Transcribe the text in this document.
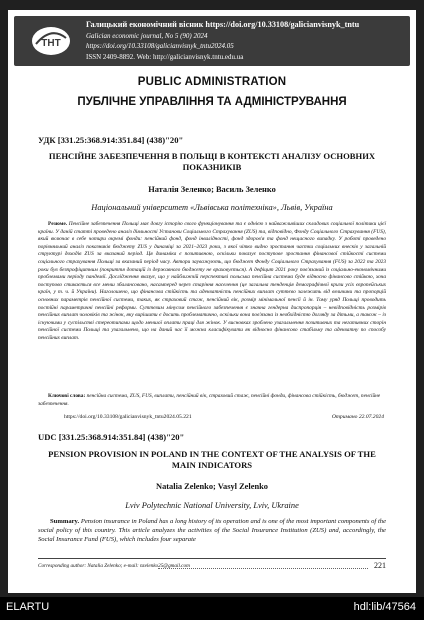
ТНТ
Галицький економічний вісник https://doi.org/10.33108/galicianvisnyk_tntu
Galician economic journal, No 5 (90) 2024
https://doi.org/10.33108/galicianvisnyk_tntu2024.05
ISSN 2409-8892. Web: http://galicianvisnyk.tntu.edu.ua
PUBLIC ADMINISTRATION
ПУБЛІЧНЕ УПРАВЛІННЯ ТА АДМІНІСТРУВАННЯ
УДК [331.25:368.914:351.84] (438)"20"
ПЕНСІЙНЕ ЗАБЕЗПЕЧЕННЯ В ПОЛЬЩІ В КОНТЕКСТІ АНАЛІЗУ ОСНОВНИХ ПОКАЗНИКІВ
Наталія Зеленко; Василь Зеленко
Національний університет «Львівська політехніка», Львів, Україна
Резюме. Пенсійне забезпечення Польщі має довгу історію свого функціонування та є однією з найважливіших складових соціальної політики цієї країни. У даній статті проведено аналіз діяльності Установи Соціального Страхування (ZUS) та, відповідно, Фонду Соціального Страхування (FUS), який включає в себе чотири окремі фонди: пенсійний фонд, фонд інвалідності, фонд здоров'я та фонд нещасного випадку. У роботі проведено порівняльний аналіз показників бюджету ZUS у динаміці за 2021–2023 роки, з якої чітко видно зростання частки соціальних внесків у загальній структурі доходів ZUS за вказаний період. Ця динаміка є позитивною, оскільки показує поступове зростання фінансової стійкості системи соціального страхування Польщі за вказаний період часу. Автори зауважують, що бюджет Фонду Соціального Страхування (FUS) за 2022 та 2023 роки був безпрофіцитним (покриття дотацій із державного бюджету не враховується). А дефіцит 2021 року пов'язаний із соціально-економічними проблемами періоду пандемії. Дослідження вказує, що у найближчій перспективі польська пенсійна система буде відносно фінансово стійкою, хоча поступово стикається все менш збалансовано, насамперед через старіння населення (це загальна тенденція демографічної кризи усіх європейських країн, у т. ч. й України). Наголошено, що фінансова стійкість та адекватність пенсійних виплат суттєво залежить від величини та пропорцій основних параметрів пенсійної системи, таких, як страховий стаж, пенсійний вік, розмір мінімальної пенсії й ін. Тому уряд Польщі проводить постійні параметричні пенсійні реформи. Суттєвим мінусом пенсійного забезпечення є значна гендерна диспропорція – невідповідність розмірів пенсійних виплат чоловіків та жінок, яку вирішити є досить проблематично, оскільки вона пов'язана із необхідністю догляду за дітьми, а також – із існуючими у суспільстві стереотипами щодо меншої оплати праці для жінок. У висновках зроблено узагальнення позитивних та негативних сторін пенсійної системи Польщі та узагальнено, що на даний час її можна класифікувати як відносно фінансово стабільну та адекватну по способу пенсійних виплат.
Ключові слова: пенсійна система, ZUS, FUS, виплати, пенсійний вік, страховий стаж, пенсійні фонди, фінансова стійкість, бюджет, пенсійне забезпечення.
https://doi.org/10.33108/galicianvisnyk_tntu2024.05.221	Отримано 22.07.2024
UDC [331.25:368.914:351.84] (438)"20"
PENSION PROVISION IN POLAND IN THE CONTEXT OF THE ANALYSIS OF THE MAIN INDICATORS
Natalia Zelenko; Vasyl Zelenko
Lviv Polytechnic National University, Lviv, Ukraine
Summary. Pension insurance in Poland has a long history of its operation and is one of the most important components of the social policy of this country. This article analyzes the activities of the Social Insurance Institution (ZUS) and, accordingly, the Social Insurance Fund (FUS), which includes four separate
Corresponding author: Natalia Zelenko; e-mail: nzelenko25@gmail.com	221
ELARTU	hdl:lib/47564
